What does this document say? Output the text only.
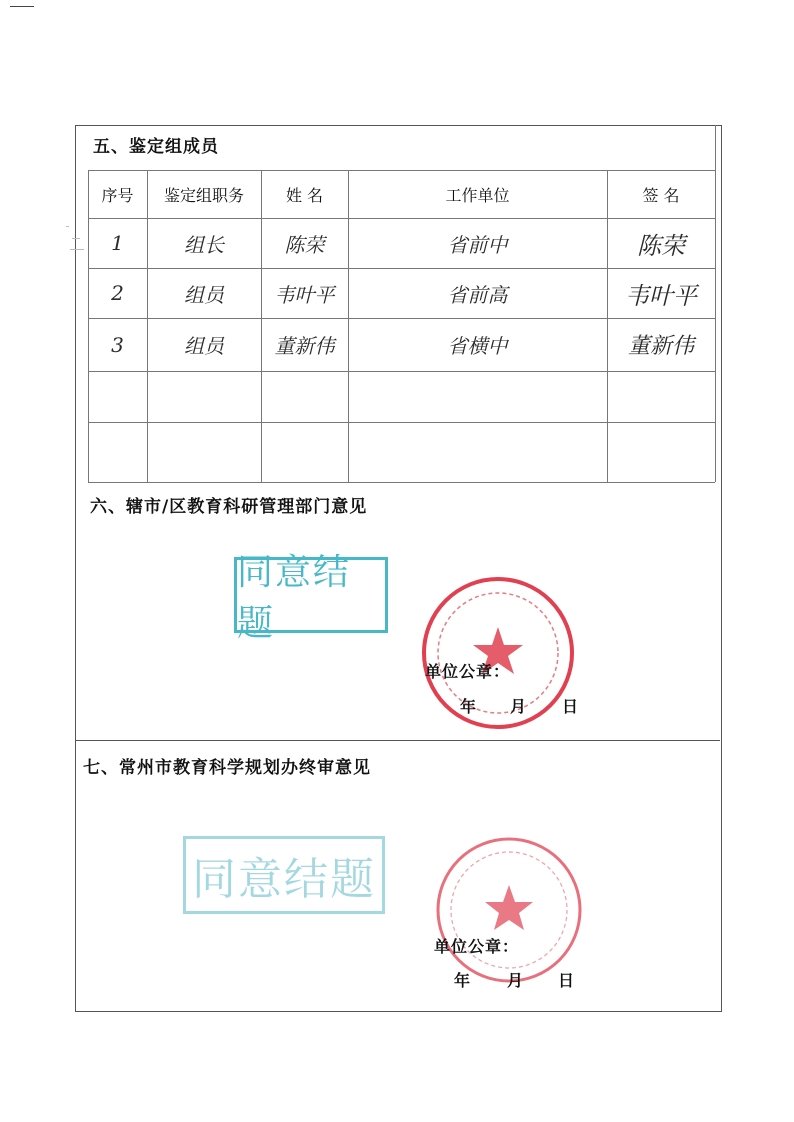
五、鉴定组成员
序号	鉴定组职务	姓 名	工作单位	签 名
1	组长	陈荣	省前中	陈荣
2	组员	韦叶平	省前高	韦叶平
3	组员	董新伟	省横中	董新伟
六、辖市/区教育科研管理部门意见
同意结题
单位公章：
年 月 日
七、常州市教育科学规划办终审意见
同意结题
单位公章：
年 月 日
